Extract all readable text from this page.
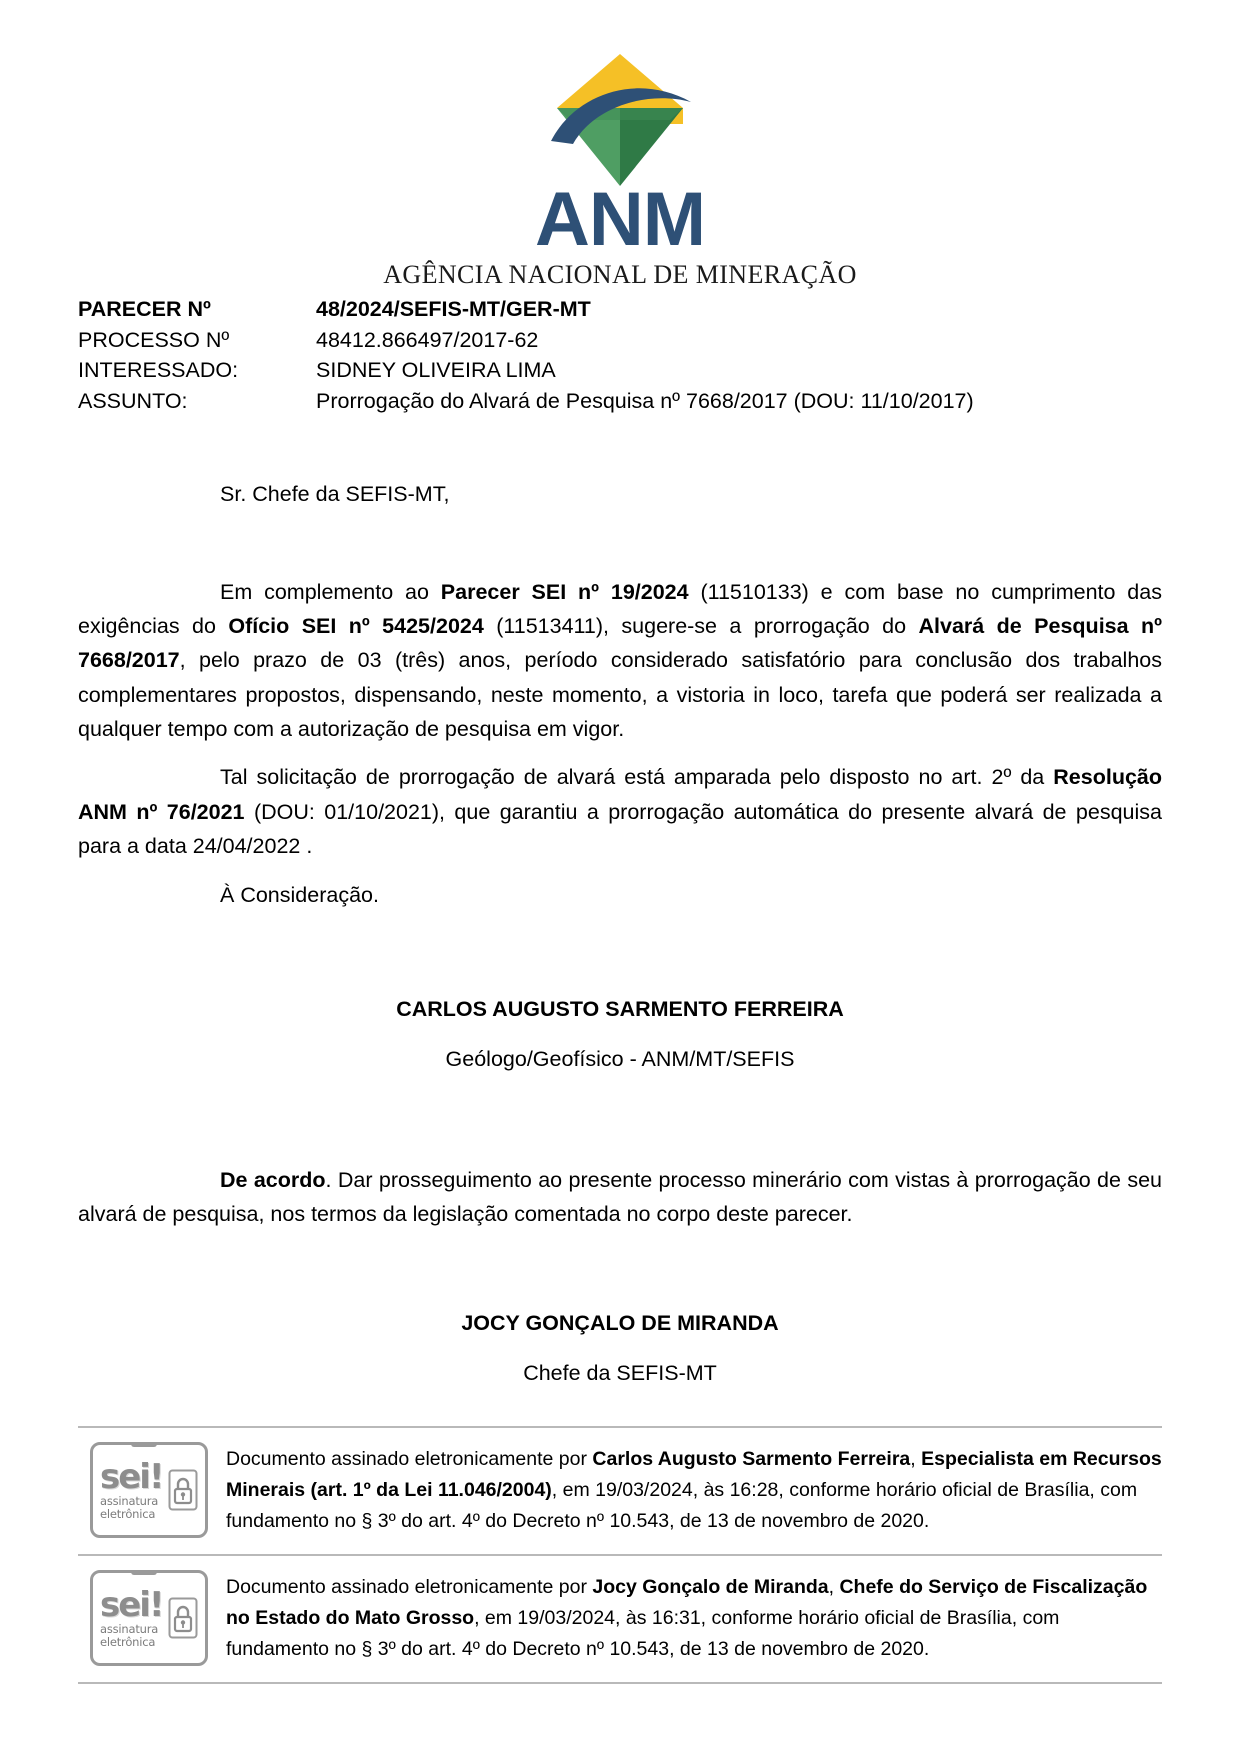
ANM
AGÊNCIA NACIONAL DE MINERAÇÃO
PARECER Nº	48/2024/SEFIS-MT/GER-MT
PROCESSO Nº	48412.866497/2017-62
INTERESSADO:	SIDNEY OLIVEIRA LIMA
ASSUNTO:	Prorrogação do Alvará de Pesquisa nº 7668/2017 (DOU: 11/10/2017)
Sr. Chefe da SEFIS-MT,

Em complemento ao Parecer SEI nº 19/2024 (11510133) e com base no cumprimento das exigências do Ofício SEI nº 5425/2024 (11513411), sugere-se a prorrogação do Alvará de Pesquisa nº 7668/2017, pelo prazo de 03 (três) anos, período considerado satisfatório para conclusão dos trabalhos complementares propostos, dispensando, neste momento, a vistoria in loco, tarefa que poderá ser realizada a qualquer tempo com a autorização de pesquisa em vigor.

Tal solicitação de prorrogação de alvará está amparada pelo disposto no art. 2º da Resolução ANM nº 76/2021 (DOU: 01/10/2021), que garantiu a prorrogação automática do presente alvará de pesquisa para a data 24/04/2022 .

À Consideração.

CARLOS AUGUSTO SARMENTO FERREIRA
Geólogo/Geofísico - ANM/MT/SEFIS

De acordo. Dar prosseguimento ao presente processo minerário com vistas à prorrogação de seu alvará de pesquisa, nos termos da legislação comentada no corpo deste parecer.

JOCY GONÇALO DE MIRANDA
Chefe da SEFIS-MT
sei!
assinatura
eletrônica
Documento assinado eletronicamente por Carlos Augusto Sarmento Ferreira, Especialista em Recursos Minerais (art. 1º da Lei 11.046/2004), em 19/03/2024, às 16:28, conforme horário oficial de Brasília, com fundamento no § 3º do art. 4º do Decreto nº 10.543, de 13 de novembro de 2020.
sei!
assinatura
eletrônica
Documento assinado eletronicamente por Jocy Gonçalo de Miranda, Chefe do Serviço de Fiscalização no Estado do Mato Grosso, em 19/03/2024, às 16:31, conforme horário oficial de Brasília, com fundamento no § 3º do art. 4º do Decreto nº 10.543, de 13 de novembro de 2020.
